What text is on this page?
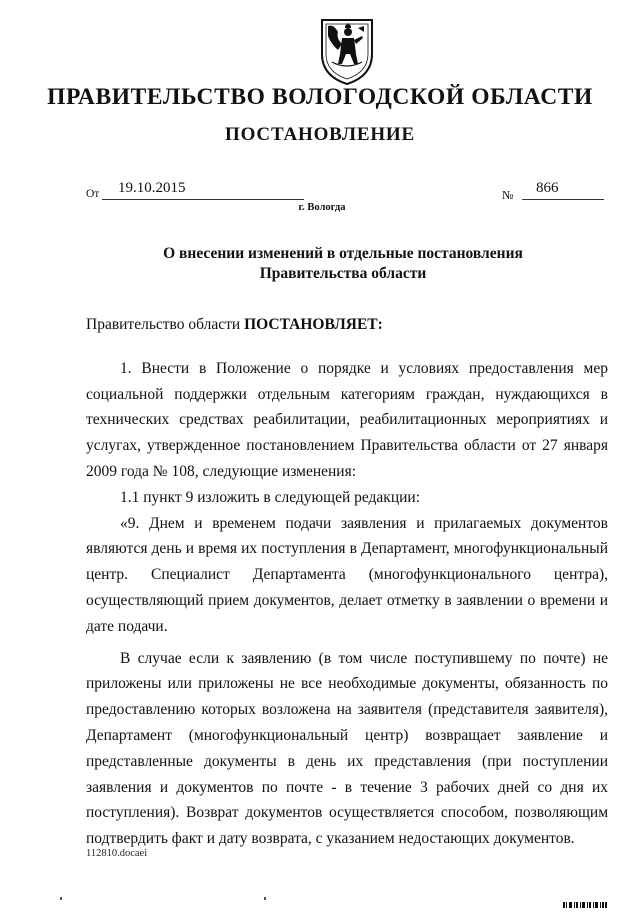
ПРАВИТЕЛЬСТВО ВОЛОГОДСКОЙ ОБЛАСТИ
ПОСТАНОВЛЕНИЕ
От	19.10.2015	№	866
г. Вологда
О внесении изменений в отдельные постановления
Правительства области

Правительство области ПОСТАНОВЛЯЕТ:

1. Внести в Положение о порядке и условиях предоставления мер социальной поддержки отдельным категориям граждан, нуждающихся в технических средствах реабилитации, реабилитационных мероприятиях и услугах, утвержденное постановлением Правительства области от 27 января 2009 года № 108, следующие изменения:

1.1 пункт 9 изложить в следующей редакции:

«9. Днем и временем подачи заявления и прилагаемых документов являются день и время их поступления в Департамент, многофункциональный центр. Специалист Департамента (многофункционального центра), осуществляющий прием документов, делает отметку в заявлении о времени и дате подачи.

В случае если к заявлению (в том числе поступившему по почте) не приложены или приложены не все необходимые документы, обязанность по предоставлению которых возложена на заявителя (представителя заявителя), Департамент (многофункциональный центр) возвращает заявление и представленные документы в день их представления (при поступлении заявления и документов по почте - в течение 3 рабочих дней со дня их поступления). Возврат документов осуществляется способом, позволяющим подтвердить факт и дату возврата, с указанием недостающих документов.

112810.docaei
